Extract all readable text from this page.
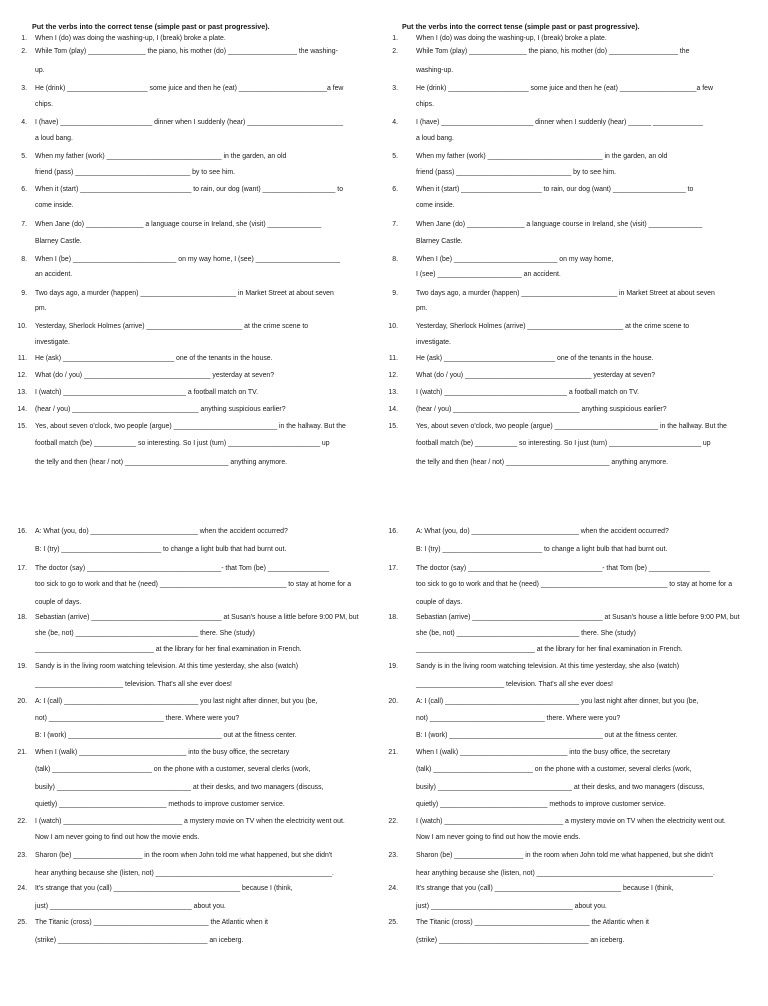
Put the verbs into the correct tense (simple past or past progressive).
1. When I (do) was doing the washing-up, I (break) broke a plate.
2. While Tom (play) _______________ the piano, his mother (do) __________________ the washing-
up.
3. He (drink) _____________________ some juice and then he (eat) _______________________a few
chips.
4. I (have) ________________________ dinner when I suddenly (hear) _________________________
a loud bang.
5. When my father (work) ______________________________ in the garden, an old
friend (pass) ______________________________ by to see him.
6. When it (start) _____________________________ to rain, our dog (want) ___________________ to
come inside.
7. When Jane (do) _______________ a language course in Ireland, she (visit) ______________
Blarney Castle.
8. When I (be) ___________________________ on my way home, I (see) ______________________
an accident.
9. Two days ago, a murder (happen) _________________________ in Market Street at about seven
pm.
10. Yesterday, Sherlock Holmes (arrive) _________________________ at the crime scene to
investigate.
11. He (ask) _____________________________ one of the tenants in the house.
12. What (do / you) _________________________________ yesterday at seven?
13. I (watch) ________________________________ a football match on TV.
14. (hear / you) _________________________________ anything suspicious earlier?
15. Yes, about seven o'clock, two people (argue) ___________________________ in the hallway. But the
football match (be) ___________ so interesting. So I just (turn) ________________________ up
the telly and then (hear / not) ___________________________ anything anymore.
16. A: What (you, do) ____________________________ when the accident occurred?
B: I (try) __________________________ to change a light bulb that had burnt out.
17. The doctor (say) ___________________________________- that Tom (be) ________________
too sick to go to work and that he (need) _________________________________ to stay at home for a
couple of days.
18. Sebastian (arrive) __________________________________ at Susan's house a little before 9:00 PM, but
she (be, not) ________________________________ there. She (study)
_______________________________ at the library for her final examination in French.
19. Sandy is in the living room watching television. At this time yesterday, she also (watch)
_______________________ television. That's all she ever does!
20. A: I (call) ___________________________________ you last night after dinner, but you (be,
not) ______________________________ there. Where were you?
B: I (work) ________________________________________ out at the fitness center.
21. When I (walk) ____________________________ into the busy office, the secretary
(talk) __________________________ on the phone with a customer, several clerks (work,
busily) ___________________________________ at their desks, and two managers (discuss,
quietly) ____________________________ methods to improve customer service.
22. I (watch) _______________________________ a mystery movie on TV when the electricity went out.
Now I am never going to find out how the movie ends.
23. Sharon (be) __________________ in the room when John told me what happened, but she didn't
hear anything because she (listen, not) ______________________________________________.
24. It's strange that you (call) _________________________________ because I (think,
just) _____________________________________ about you.
25. The Titanic (cross) ______________________________ the Atlantic when it
(strike) _______________________________________ an iceberg.
Put the verbs into the correct tense (simple past or past progressive).
1.	When I (do) was doing the washing-up, I (break) broke a plate.
2.	While Tom (play) _______________ the piano, his mother (do) __________________ the
washing-up.
3.	He (drink) _____________________ some juice and then he (eat) ____________________a few
chips.
4.	I (have) ________________________ dinner when I suddenly (hear) ______ _____________
a loud bang.
5.	When my father (work) ______________________________ in the garden, an old
friend (pass) ______________________________ by to see him.
6.	When it (start) _____________________ to rain, our dog (want) ___________________ to
come inside.
7.	When Jane (do) _______________ a language course in Ireland, she (visit) ______________
Blarney Castle.
8.	When I (be) ___________________________ on my way home,
I (see) ______________________ an accident.
9.	Two days ago, a murder (happen) _________________________ in Market Street at about seven
pm.
10.	Yesterday, Sherlock Holmes (arrive) _________________________ at the crime scene to
investigate.
11.	He (ask) _____________________________ one of the tenants in the house.
12.	What (do / you) _________________________________ yesterday at seven?
13.	I (watch) ________________________________ a football match on TV.
14.	(hear / you) _________________________________ anything suspicious earlier?
15.	Yes, about seven o'clock, two people (argue) ___________________________ in the hallway. But the
football match (be) ___________ so interesting. So I just (turn) ________________________ up
the telly and then (hear / not) ___________________________ anything anymore.
16.	A: What (you, do) ____________________________ when the accident occurred?
B: I (try) __________________________ to change a light bulb that had burnt out.
17.	The doctor (say) ___________________________________- that Tom (be) ________________
too sick to go to work and that he (need) _________________________________ to stay at home for a
couple of days.
18.	Sebastian (arrive) __________________________________ at Susan's house a little before 9:00 PM, but
she (be, not) ________________________________ there. She (study)
_______________________________ at the library for her final examination in French.
19.	Sandy is in the living room watching television. At this time yesterday, she also (watch)
_______________________ television. That's all she ever does!
20.	A: I (call) ___________________________________ you last night after dinner, but you (be,
not) ______________________________ there. Where were you?
B: I (work) ________________________________________ out at the fitness center.
21.	When I (walk) ____________________________ into the busy office, the secretary
(talk) __________________________ on the phone with a customer, several clerks (work,
busily) ___________________________________ at their desks, and two managers (discuss,
quietly) ____________________________ methods to improve customer service.
22.	I (watch) _______________________________ a mystery movie on TV when the electricity went out.
Now I am never going to find out how the movie ends.
23.	Sharon (be) __________________ in the room when John told me what happened, but she didn't
hear anything because she (listen, not) ______________________________________________.
24.	It's strange that you (call) _________________________________ because I (think,
just) _____________________________________ about you.
25.	The Titanic (cross) ______________________________ the Atlantic when it
(strike) _______________________________________ an iceberg.
